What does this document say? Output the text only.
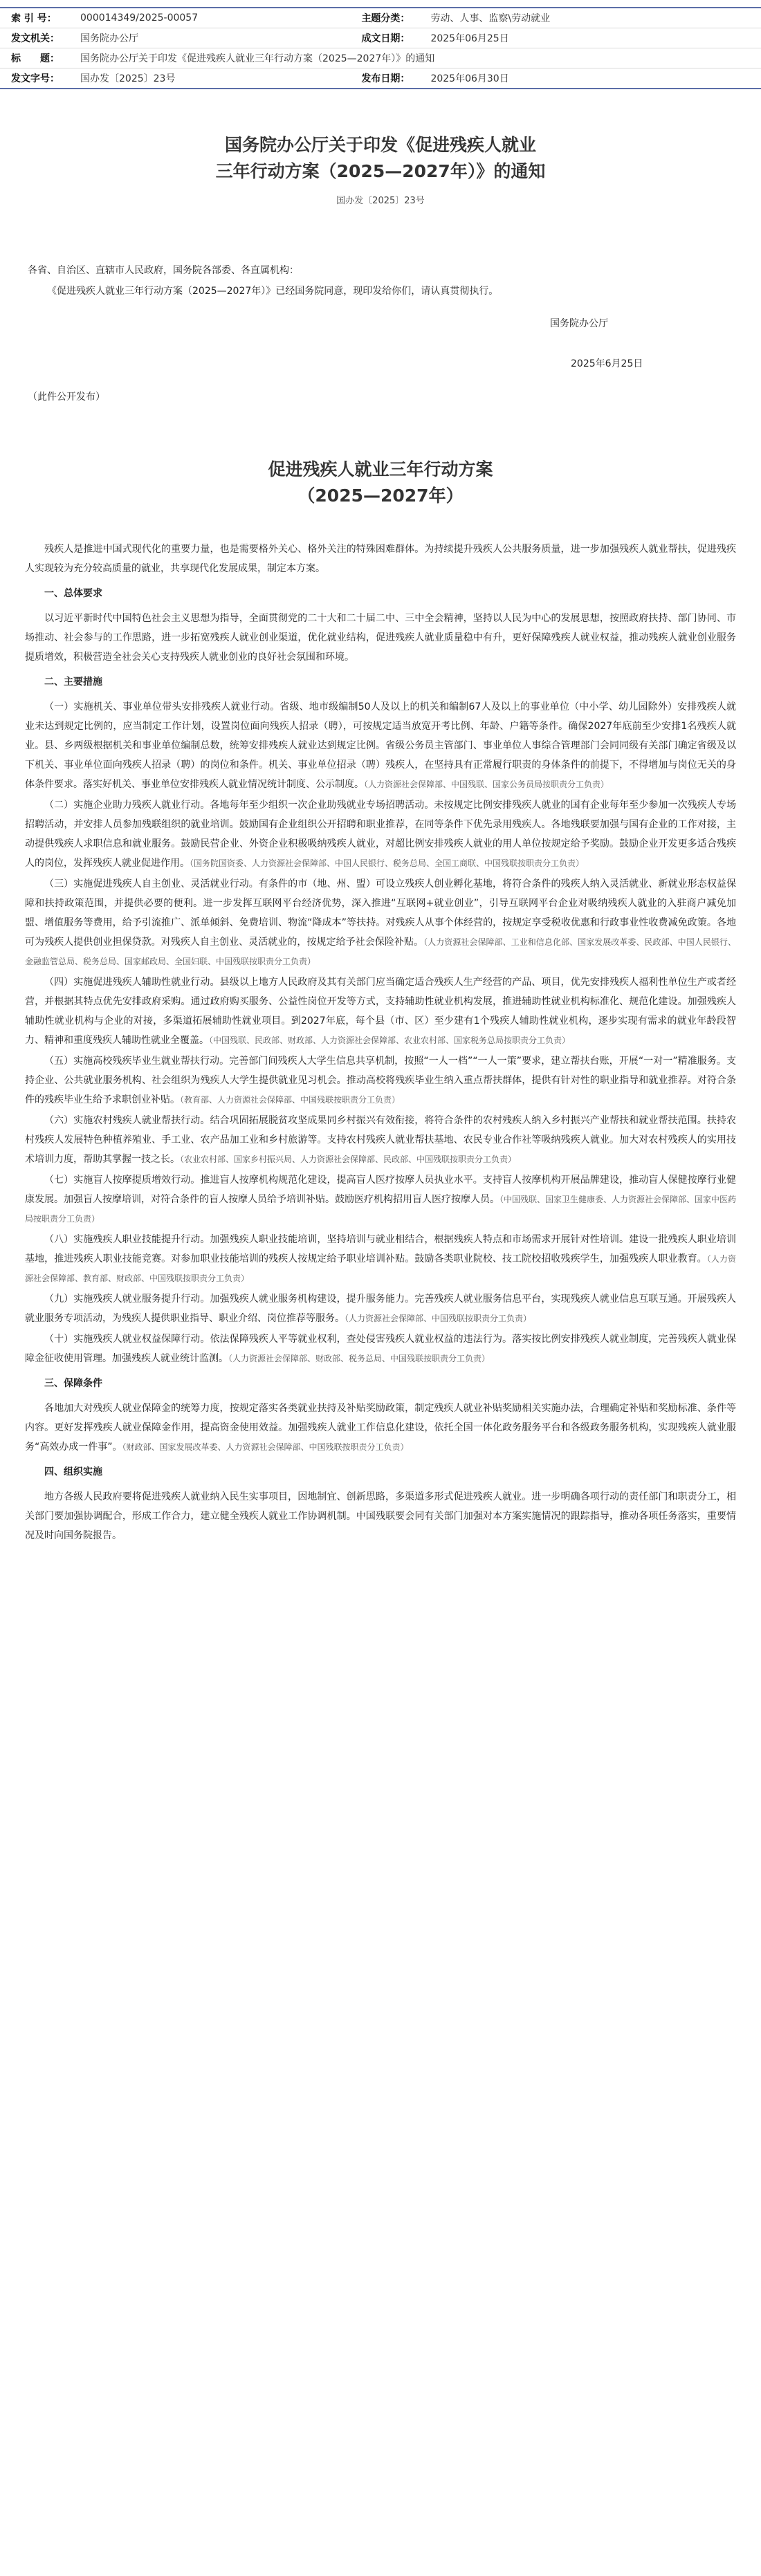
索 引 号：	000014349/2025-00057	主题分类：	劳动、人事、监察\劳动就业
发文机关：	国务院办公厅	成文日期：	2025年06月25日
标　　题：	国务院办公厅关于印发《促进残疾人就业三年行动方案（2025—2027年）》的通知
发文字号：	国办发〔2025〕23号	发布日期：	2025年06月30日
国务院办公厅关于印发《促进残疾人就业
三年行动方案（2025—2027年）》的通知
国办发〔2025〕23号
各省、自治区、直辖市人民政府，国务院各部委、各直属机构：
《促进残疾人就业三年行动方案（2025—2027年）》已经国务院同意，现印发给你们，请认真贯彻执行。
国务院办公厅
2025年6月25日
（此件公开发布）
促进残疾人就业三年行动方案
（2025—2027年）

残疾人是推进中国式现代化的重要力量，也是需要格外关心、格外关注的特殊困难群体。为持续提升残疾人公共服务质量，进一步加强残疾人就业帮扶，促进残疾人实现较为充分较高质量的就业，共享现代化发展成果，制定本方案。

一、总体要求

以习近平新时代中国特色社会主义思想为指导，全面贯彻党的二十大和二十届二中、三中全会精神，坚持以人民为中心的发展思想，按照政府扶持、部门协同、市场推动、社会参与的工作思路，进一步拓宽残疾人就业创业渠道，优化就业结构，促进残疾人就业质量稳中有升，更好保障残疾人就业权益，推动残疾人就业创业服务提质增效，积极营造全社会关心支持残疾人就业创业的良好社会氛围和环境。

二、主要措施

（一）实施机关、事业单位带头安排残疾人就业行动。省级、地市级编制50人及以上的机关和编制67人及以上的事业单位（中小学、幼儿园除外）安排残疾人就业未达到规定比例的，应当制定工作计划，设置岗位面向残疾人招录（聘），可按规定适当放宽开考比例、年龄、户籍等条件。确保2027年底前至少安排1名残疾人就业。县、乡两级根据机关和事业单位编制总数，统筹安排残疾人就业达到规定比例。省级公务员主管部门、事业单位人事综合管理部门会同同级有关部门确定省级及以下机关、事业单位面向残疾人招录（聘）的岗位和条件。机关、事业单位招录（聘）残疾人，在坚持具有正常履行职责的身体条件的前提下，不得增加与岗位无关的身体条件要求。落实好机关、事业单位安排残疾人就业情况统计制度、公示制度。（人力资源社会保障部、中国残联、国家公务员局按职责分工负责）

（二）实施企业助力残疾人就业行动。各地每年至少组织一次企业助残就业专场招聘活动。未按规定比例安排残疾人就业的国有企业每年至少参加一次残疾人专场招聘活动，并安排人员参加残联组织的就业培训。鼓励国有企业组织公开招聘和职业推荐，在同等条件下优先录用残疾人。各地残联要加强与国有企业的工作对接，主动提供残疾人求职信息和就业服务。鼓励民营企业、外资企业积极吸纳残疾人就业，对超比例安排残疾人就业的用人单位按规定给予奖励。鼓励企业开发更多适合残疾人的岗位，发挥残疾人就业促进作用。（国务院国资委、人力资源社会保障部、中国人民银行、税务总局、全国工商联、中国残联按职责分工负责）

（三）实施促进残疾人自主创业、灵活就业行动。有条件的市（地、州、盟）可设立残疾人创业孵化基地，将符合条件的残疾人纳入灵活就业、新就业形态权益保障和扶持政策范围，并提供必要的便利。进一步发挥互联网平台经济优势，深入推进“互联网+就业创业”，引导互联网平台企业对吸纳残疾人就业的入驻商户减免加盟、增值服务等费用，给予引流推广、派单倾斜、免费培训、物流“降成本”等扶持。对残疾人从事个体经营的，按规定享受税收优惠和行政事业性收费减免政策。各地可为残疾人提供创业担保贷款。对残疾人自主创业、灵活就业的，按规定给予社会保险补贴。（人力资源社会保障部、工业和信息化部、国家发展改革委、民政部、中国人民银行、金融监管总局、税务总局、国家邮政局、全国妇联、中国残联按职责分工负责）

（四）实施促进残疾人辅助性就业行动。县级以上地方人民政府及其有关部门应当确定适合残疾人生产经营的产品、项目，优先安排残疾人福利性单位生产或者经营，并根据其特点优先安排政府采购。通过政府购买服务、公益性岗位开发等方式，支持辅助性就业机构发展，推进辅助性就业机构标准化、规范化建设。加强残疾人辅助性就业机构与企业的对接，多渠道拓展辅助性就业项目。到2027年底，每个县（市、区）至少建有1个残疾人辅助性就业机构，逐步实现有需求的就业年龄段智力、精神和重度残疾人辅助性就业全覆盖。（中国残联、民政部、财政部、人力资源社会保障部、农业农村部、国家税务总局按职责分工负责）

（五）实施高校残疾毕业生就业帮扶行动。完善部门间残疾人大学生信息共享机制，按照“一人一档”“一人一策”要求，建立帮扶台账，开展“一对一”精准服务。支持企业、公共就业服务机构、社会组织为残疾人大学生提供就业见习机会。推动高校将残疾毕业生纳入重点帮扶群体，提供有针对性的职业指导和就业推荐。对符合条件的残疾毕业生给予求职创业补贴。（教育部、人力资源社会保障部、中国残联按职责分工负责）

（六）实施农村残疾人就业帮扶行动。结合巩固拓展脱贫攻坚成果同乡村振兴有效衔接，将符合条件的农村残疾人纳入乡村振兴产业帮扶和就业帮扶范围。扶持农村残疾人发展特色种植养殖业、手工业、农产品加工业和乡村旅游等。支持农村残疾人就业帮扶基地、农民专业合作社等吸纳残疾人就业。加大对农村残疾人的实用技术培训力度，帮助其掌握一技之长。（农业农村部、国家乡村振兴局、人力资源社会保障部、民政部、中国残联按职责分工负责）

（七）实施盲人按摩提质增效行动。推进盲人按摩机构规范化建设，提高盲人医疗按摩人员执业水平。支持盲人按摩机构开展品牌建设，推动盲人保健按摩行业健康发展。加强盲人按摩培训，对符合条件的盲人按摩人员给予培训补贴。鼓励医疗机构招用盲人医疗按摩人员。（中国残联、国家卫生健康委、人力资源社会保障部、国家中医药局按职责分工负责）

（八）实施残疾人职业技能提升行动。加强残疾人职业技能培训，坚持培训与就业相结合，根据残疾人特点和市场需求开展针对性培训。建设一批残疾人职业培训基地，推进残疾人职业技能竞赛。对参加职业技能培训的残疾人按规定给予职业培训补贴。鼓励各类职业院校、技工院校招收残疾学生，加强残疾人职业教育。（人力资源社会保障部、教育部、财政部、中国残联按职责分工负责）

（九）实施残疾人就业服务提升行动。加强残疾人就业服务机构建设，提升服务能力。完善残疾人就业服务信息平台，实现残疾人就业信息互联互通。开展残疾人就业服务专项活动，为残疾人提供职业指导、职业介绍、岗位推荐等服务。（人力资源社会保障部、中国残联按职责分工负责）

（十）实施残疾人就业权益保障行动。依法保障残疾人平等就业权利，查处侵害残疾人就业权益的违法行为。落实按比例安排残疾人就业制度，完善残疾人就业保障金征收使用管理。加强残疾人就业统计监测。（人力资源社会保障部、财政部、税务总局、中国残联按职责分工负责）

三、保障条件

各地加大对残疾人就业保障金的统筹力度，按规定落实各类就业扶持及补贴奖励政策，制定残疾人就业补贴奖励相关实施办法，合理确定补贴和奖励标准、条件等内容。更好发挥残疾人就业保障金作用，提高资金使用效益。加强残疾人就业工作信息化建设，依托全国一体化政务服务平台和各级政务服务机构，实现残疾人就业服务“高效办成一件事”。（财政部、国家发展改革委、人力资源社会保障部、中国残联按职责分工负责）

四、组织实施

地方各级人民政府要将促进残疾人就业纳入民生实事项目，因地制宜、创新思路，多渠道多形式促进残疾人就业。进一步明确各项行动的责任部门和职责分工，相关部门要加强协调配合，形成工作合力，建立健全残疾人就业工作协调机制。中国残联要会同有关部门加强对本方案实施情况的跟踪指导，推动各项任务落实，重要情况及时向国务院报告。
